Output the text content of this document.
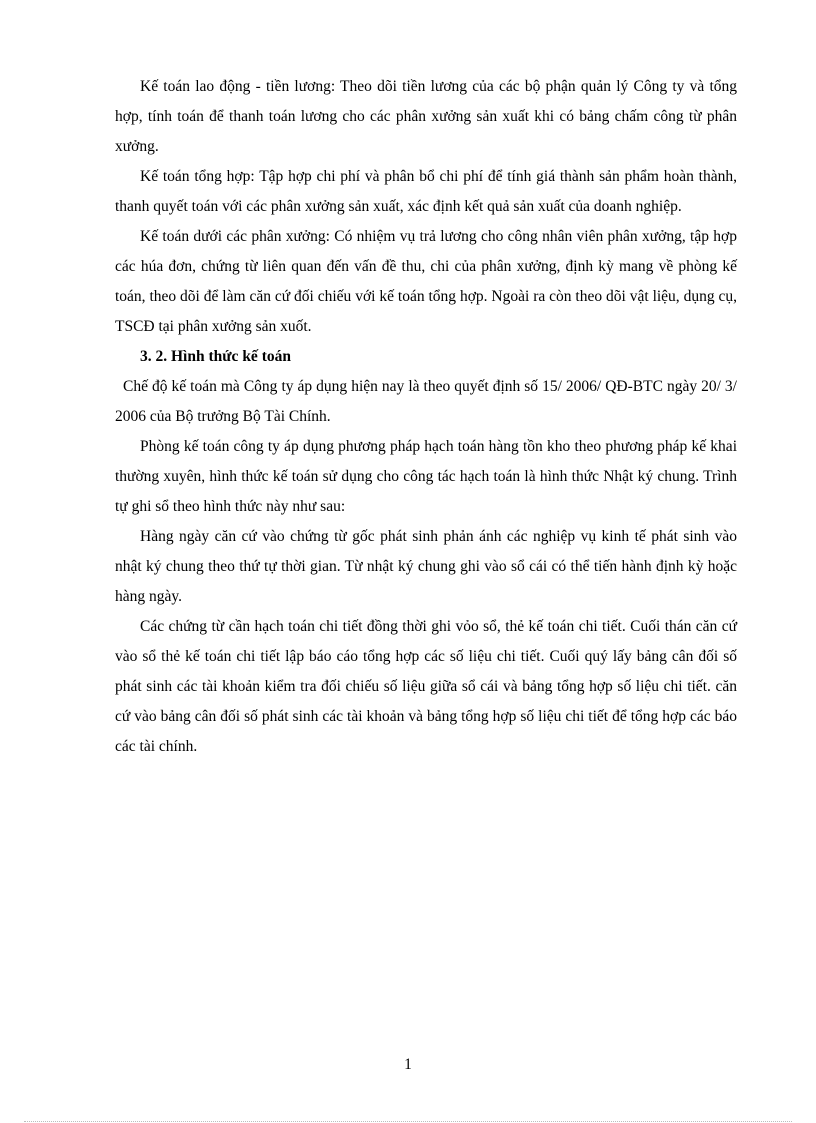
Kế toán lao động - tiền lương: Theo dõi tiền lương của các bộ phận quản lý Công ty và tổng hợp, tính toán để thanh toán lương cho các phân xưởng sản xuất khi có bảng chấm công từ phân xưởng.

Kế toán tổng hợp: Tập hợp chi phí và phân bổ chi phí để tính giá thành sản phẩm hoàn thành, thanh quyết toán với các phân xưởng sản xuất, xác định kết quả sản xuất của doanh nghiệp.

Kế toán dưới các phân xưởng: Có nhiệm vụ trả lương cho công nhân viên phân xưởng, tập hợp các húa đơn, chứng từ liên quan đến vấn đề thu, chi của phân xưởng, định kỳ mang về phòng kế toán, theo dõi để làm căn cứ đối chiếu với kế toán tổng hợp. Ngoài ra còn theo dõi vật liệu, dụng cụ, TSCĐ tại phân xưởng sản xuốt.

3. 2. Hình thức kế toán

Chế độ kế toán mà Công ty áp dụng hiện nay là theo quyết định số 15/ 2006/ QĐ-BTC ngày 20/ 3/ 2006 của Bộ trưởng Bộ Tài Chính.

Phòng kế toán công ty áp dụng phương pháp hạch toán hàng tồn kho theo phương pháp kế khai thường xuyên, hình thức kế toán sử dụng cho công tác hạch toán là hình thức Nhật ký chung. Trình tự ghi sổ theo hình thức này như sau:

Hàng ngày căn cứ vào chứng từ gốc phát sinh phản ánh các nghiệp vụ kinh tế phát sinh vào nhật ký chung theo thứ tự thời gian. Từ nhật ký chung ghi vào sổ cái có thể tiến hành định kỳ hoặc hàng ngày.

Các chứng từ cần hạch toán chi tiết đồng thời ghi vỏo sổ, thẻ kế toán chi tiết. Cuối thán căn cứ vào sổ thẻ kế toán chi tiết lập báo cáo tổng hợp các số liệu chi tiết. Cuối quý lấy bảng cân đối số phát sinh các tài khoản kiểm tra đối chiếu số liệu giữa sổ cái và bảng tổng hợp số liệu chi tiết. căn cứ vào bảng cân đối số phát sinh các tài khoản và bảng tổng hợp số liệu chi tiết để tổng hợp các báo các tài chính.

1
